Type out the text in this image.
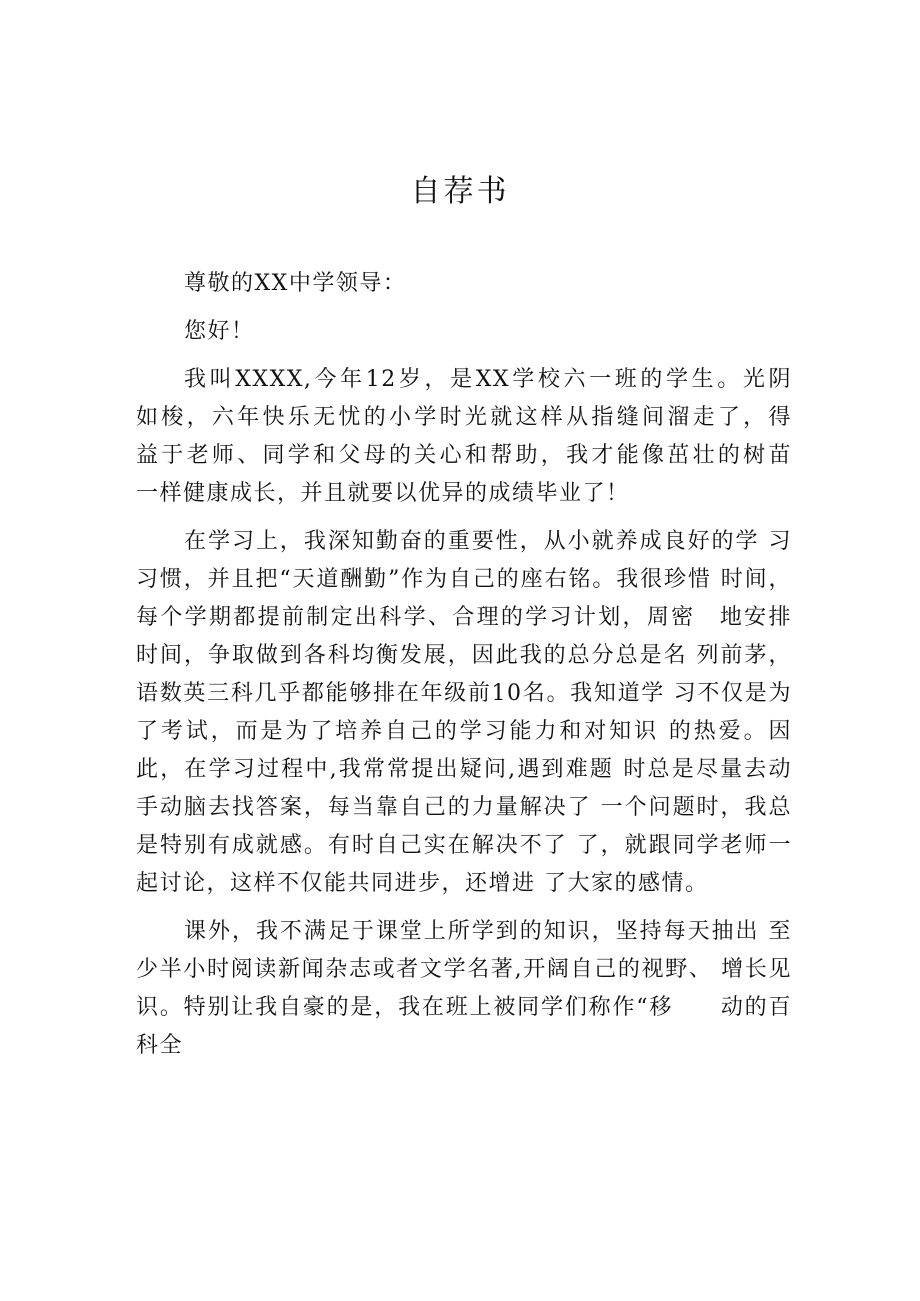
自荐书

尊敬的XX中学领导：

您好！

我叫XXXX,今年12岁，是XX学校六一班的学生。光阴　如梭，六年快乐无忧的小学时光就这样从指缝间溜走了，得　益于老师、同学和父母的关心和帮助，我才能像茁壮的树苗　一样健康成长，并且就要以优异的成绩毕业了！

在学习上，我深知勤奋的重要性，从小就养成良好的学 习习惯，并且把“天道酬勤”作为自己的座右铭。我很珍惜 时间，每个学期都提前制定出科学、合理的学习计划，周密　地安排时间，争取做到各科均衡发展，因此我的总分总是名 列前茅，语数英三科几乎都能够排在年级前10名。我知道学 习不仅是为了考试，而是为了培养自己的学习能力和对知识 的热爱。因此，在学习过程中,我常常提出疑问,遇到难题 时总是尽量去动手动脑去找答案，每当靠自己的力量解决了 一个问题时，我总是特别有成就感。有时自己实在解决不了 了，就跟同学老师一起讨论，这样不仅能共同进步，还增进 了大家的感情。

课外，我不满足于课堂上所学到的知识，坚持每天抽出 至少半小时阅读新闻杂志或者文学名著,开阔自己的视野、 增长见识。特别让我自豪的是，我在班上被同学们称作“移　　动的百科全
